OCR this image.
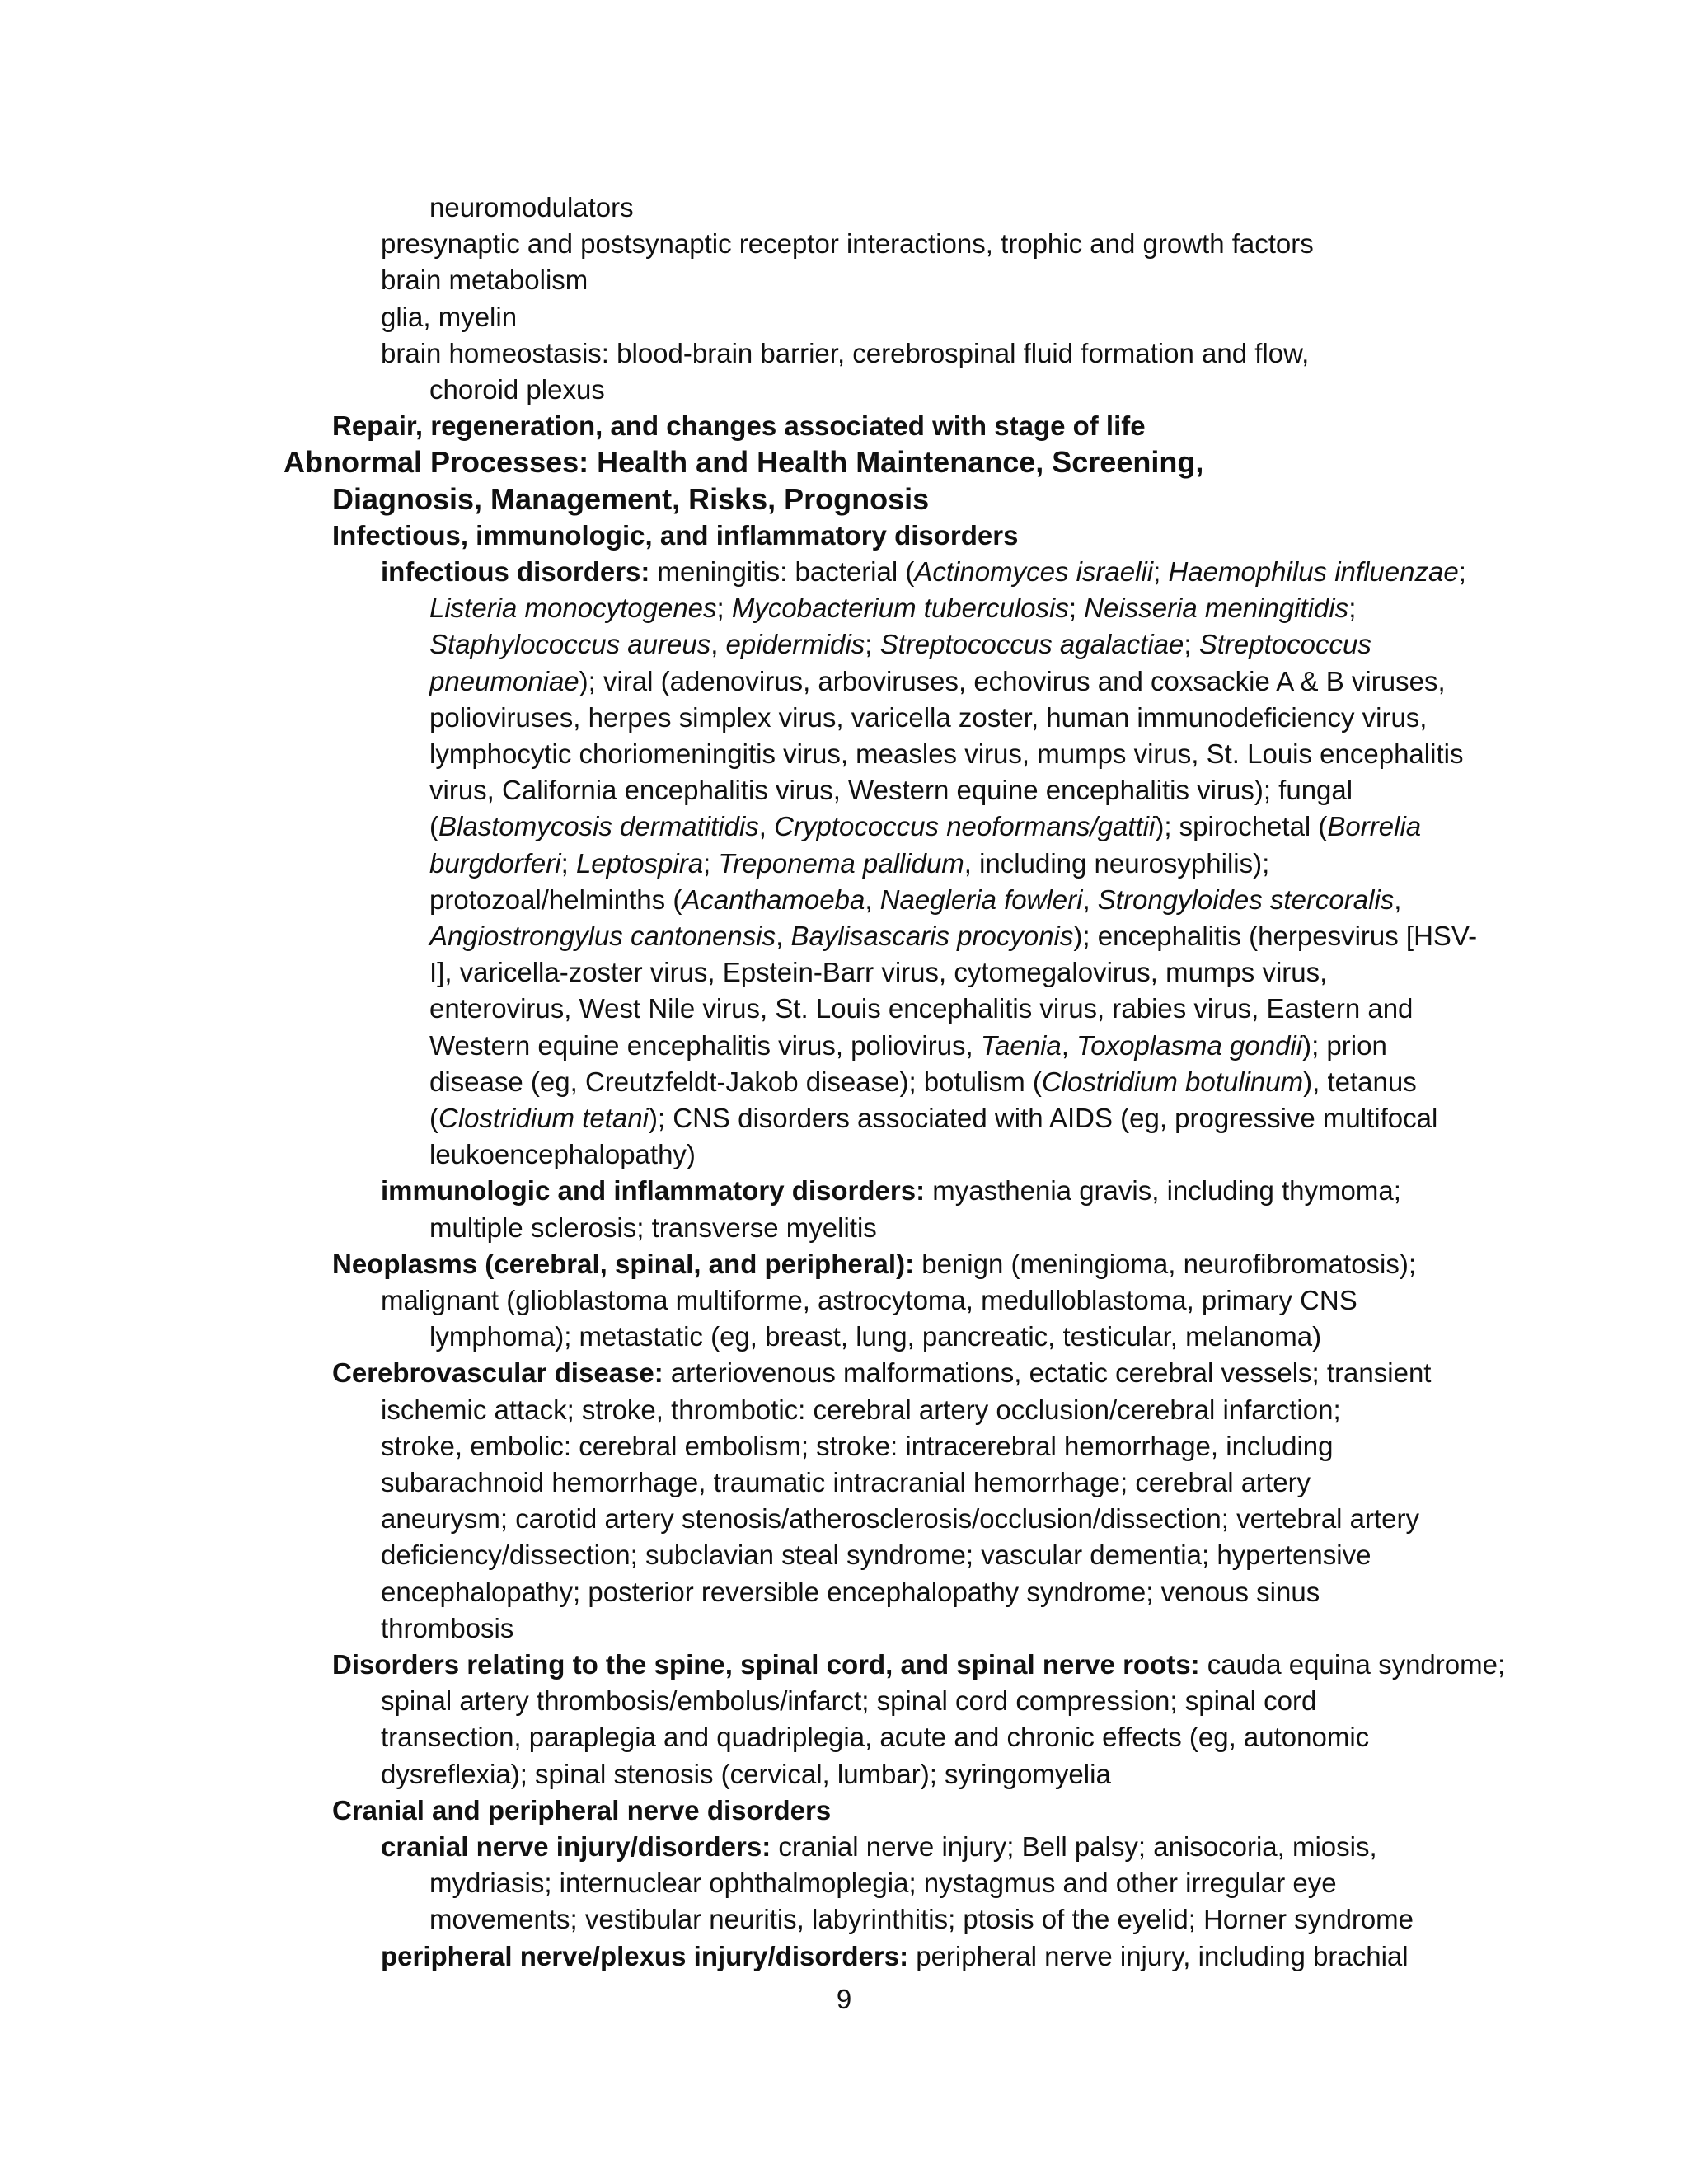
neuromodulators
presynaptic and postsynaptic receptor interactions, trophic and growth factors
brain metabolism
glia, myelin
brain homeostasis: blood-brain barrier, cerebrospinal fluid formation and flow,
choroid plexus
Repair, regeneration, and changes associated with stage of life
Abnormal Processes: Health and Health Maintenance, Screening,
Diagnosis, Management, Risks, Prognosis
Infectious, immunologic, and inflammatory disorders
infectious disorders: meningitis: bacterial (Actinomyces israelii; Haemophilus influenzae;
Listeria monocytogenes; Mycobacterium tuberculosis; Neisseria meningitidis;
Staphylococcus aureus, epidermidis; Streptococcus agalactiae; Streptococcus
pneumoniae); viral (adenovirus, arboviruses, echovirus and coxsackie A & B viruses,
polioviruses, herpes simplex virus, varicella zoster, human immunodeficiency virus,
lymphocytic choriomeningitis virus, measles virus, mumps virus, St. Louis encephalitis
virus, California encephalitis virus, Western equine encephalitis virus); fungal
(Blastomycosis dermatitidis, Cryptococcus neoformans/gattii); spirochetal (Borrelia
burgdorferi; Leptospira; Treponema pallidum, including neurosyphilis);
protozoal/helminths (Acanthamoeba, Naegleria fowleri, Strongyloides stercoralis,
Angiostrongylus cantonensis, Baylisascaris procyonis); encephalitis (herpesvirus [HSV-
I], varicella-zoster virus, Epstein-Barr virus, cytomegalovirus, mumps virus,
enterovirus, West Nile virus, St. Louis encephalitis virus, rabies virus, Eastern and
Western equine encephalitis virus, poliovirus, Taenia, Toxoplasma gondii); prion
disease (eg, Creutzfeldt-Jakob disease); botulism (Clostridium botulinum), tetanus
(Clostridium tetani); CNS disorders associated with AIDS (eg, progressive multifocal
leukoencephalopathy)
immunologic and inflammatory disorders: myasthenia gravis, including thymoma;
multiple sclerosis; transverse myelitis
Neoplasms (cerebral, spinal, and peripheral): benign (meningioma, neurofibromatosis);
malignant (glioblastoma multiforme, astrocytoma, medulloblastoma, primary CNS
lymphoma); metastatic (eg, breast, lung, pancreatic, testicular, melanoma)
Cerebrovascular disease: arteriovenous malformations, ectatic cerebral vessels; transient
ischemic attack; stroke, thrombotic: cerebral artery occlusion/cerebral infarction;
stroke, embolic: cerebral embolism; stroke: intracerebral hemorrhage, including
subarachnoid hemorrhage, traumatic intracranial hemorrhage; cerebral artery
aneurysm; carotid artery stenosis/atherosclerosis/occlusion/dissection; vertebral artery
deficiency/dissection; subclavian steal syndrome; vascular dementia; hypertensive
encephalopathy; posterior reversible encephalopathy syndrome; venous sinus
thrombosis
Disorders relating to the spine, spinal cord, and spinal nerve roots: cauda equina syndrome;
spinal artery thrombosis/embolus/infarct; spinal cord compression; spinal cord
transection, paraplegia and quadriplegia, acute and chronic effects (eg, autonomic
dysreflexia); spinal stenosis (cervical, lumbar); syringomyelia
Cranial and peripheral nerve disorders
cranial nerve injury/disorders: cranial nerve injury; Bell palsy; anisocoria, miosis,
mydriasis; internuclear ophthalmoplegia; nystagmus and other irregular eye
movements; vestibular neuritis, labyrinthitis; ptosis of the eyelid; Horner syndrome
peripheral nerve/plexus injury/disorders: peripheral nerve injury, including brachial
9
